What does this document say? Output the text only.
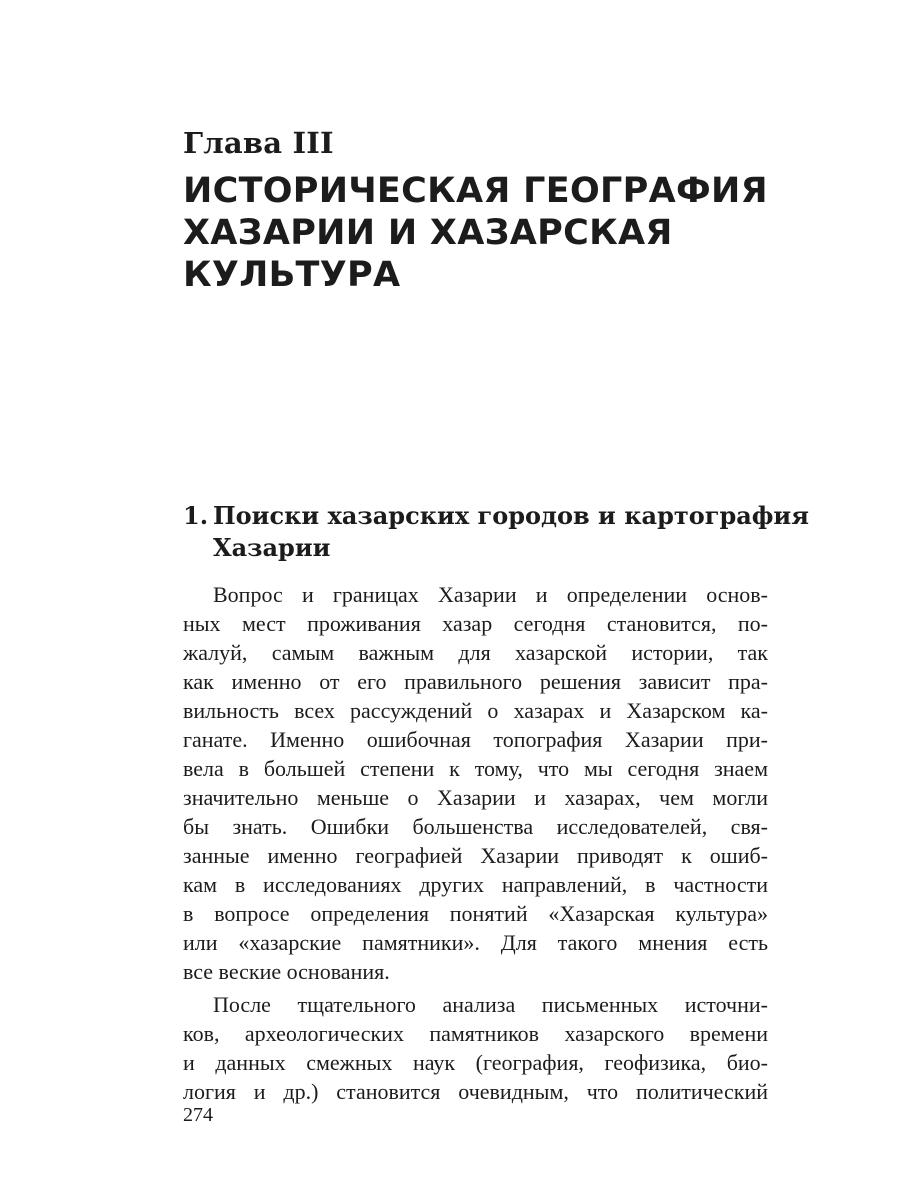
Глава III
ИСТОРИЧЕСКАЯ ГЕОГРАФИЯ
ХАЗАРИИ И ХАЗАРСКАЯ
КУЛЬТУРА
1. Поиски хазарских городов и картография
Хазарии
Вопрос и границах Хазарии и определении основ-
ных мест проживания хазар сегодня становится, по-
жалуй, самым важным для хазарской истории, так
как именно от его правильного решения зависит пра-
вильность всех рассуждений о хазарах и Хазарском ка-
ганате. Именно ошибочная топография Хазарии при-
вела в большей степени к тому, что мы сегодня знаем
значительно меньше о Хазарии и хазарах, чем могли
бы знать. Ошибки большенства исследователей, свя-
занные именно географией Хазарии приводят к ошиб-
кам в исследованиях других направлений, в частности
в вопросе определения понятий «Хазарская культура»
или «хазарские памятники». Для такого мнения есть
все веские основания.
После тщательного анализа письменных источни-
ков, археологических памятников хазарского времени
и данных смежных наук (география, геофизика, био-
логия и др.) становится очевидным, что политический
274
